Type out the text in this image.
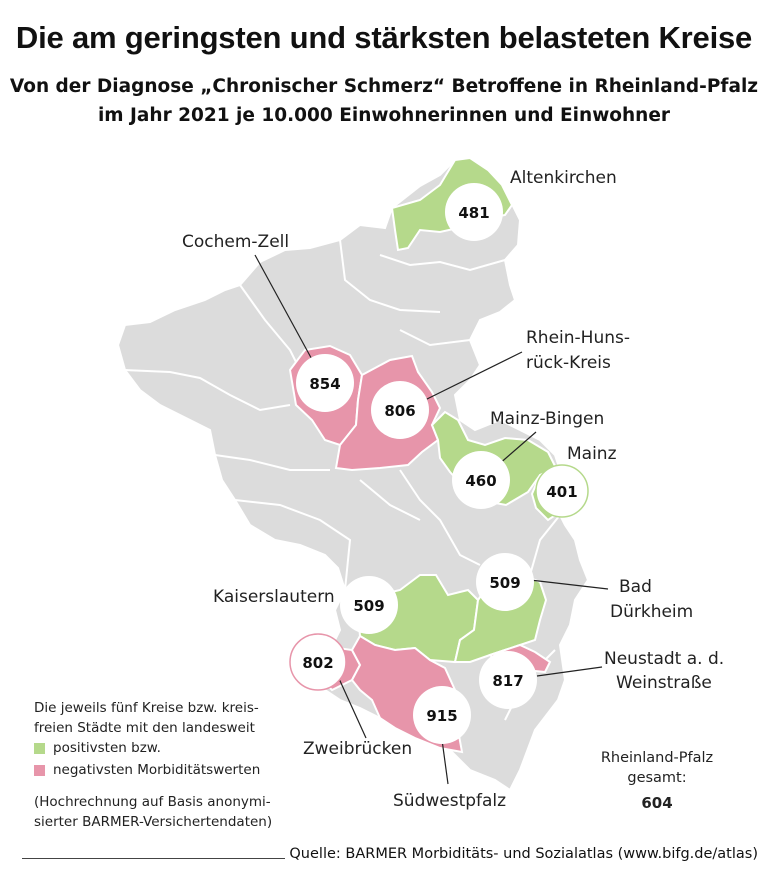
Die am geringsten und stärksten belasteten Kreise
Von der Diagnose „Chronischer Schmerz“ Betroffene in Rheinland-Pfalz
im Jahr 2021 je 10.000 Einwohnerinnen und Einwohner
481
854
806
460
401
509
509
817
802
915
Altenkirchen
Cochem-Zell
Rhein-Huns-
rück-Kreis
Mainz-Bingen
Mainz
Bad
Dürkheim
Kaiserslautern
Neustadt a. d.
Weinstraße
Zweibrücken
Südwestpfalz
Die jeweils fünf Kreise bzw. kreis-
freien Städte mit den landesweit
positivsten bzw.
negativsten Morbiditätswerten
(Hochrechnung auf Basis anonymi-
sierter BARMER-Versichertendaten)
Rheinland-Pfalz
gesamt:
604
Quelle: BARMER Morbiditäts- und Sozialatlas (www.bifg.de/atlas)
